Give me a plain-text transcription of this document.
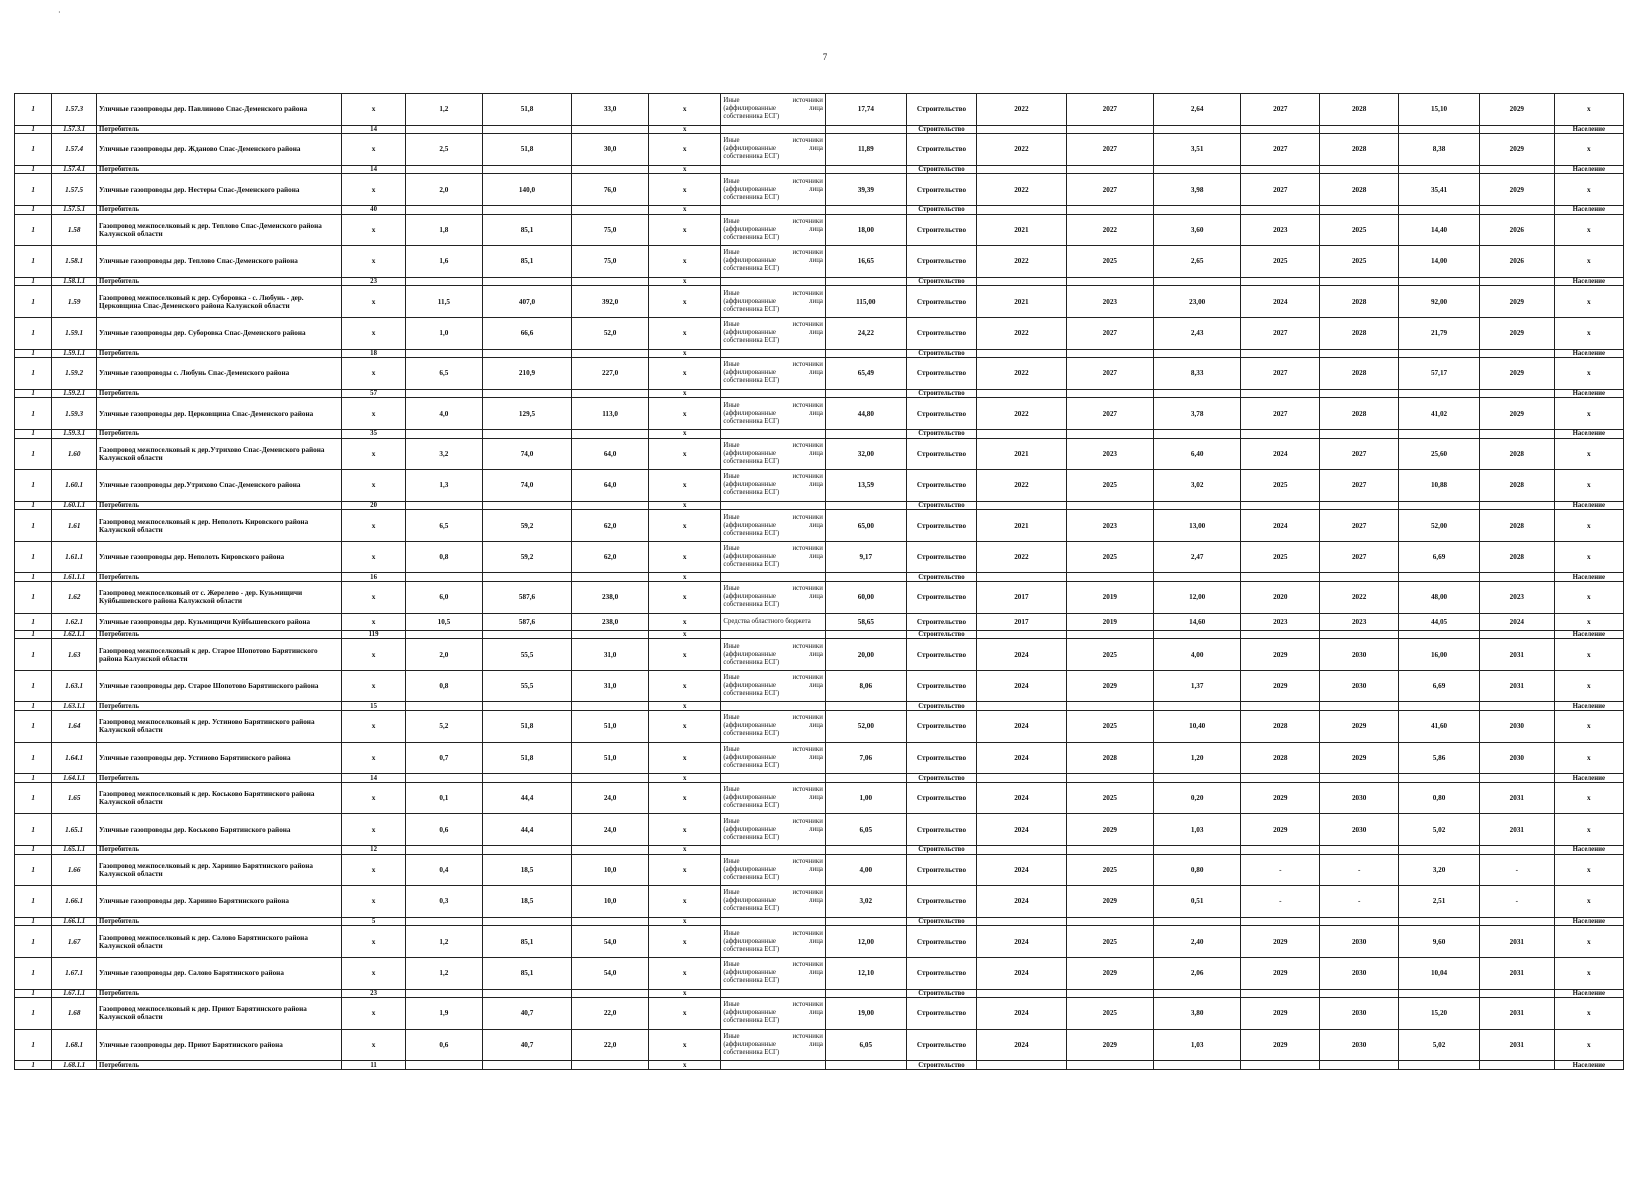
·
7
1	1.57.3	Уличные газопроводы дер. Павлиново Спас-Деменского района	x	1,2	51,8	33,0	x	Иные источники (аффилированные лица собственника ЕСГ)	17,74	Строительство	2022	2027	2,64	2027	2028	15,10	2029	x
1	1.57.3.1	Потребитель	14				x			Строительство								Население
1	1.57.4	Уличные газопроводы дер. Жданово Спас-Деменского района	x	2,5	51,8	30,0	x	Иные источники (аффилированные лица собственника ЕСГ)	11,89	Строительство	2022	2027	3,51	2027	2028	8,38	2029	x
1	1.57.4.1	Потребитель	14				x			Строительство								Население
1	1.57.5	Уличные газопроводы дер. Нестеры Спас-Деменского района	x	2,0	140,0	76,0	x	Иные источники (аффилированные лица собственника ЕСГ)	39,39	Строительство	2022	2027	3,98	2027	2028	35,41	2029	x
1	1.57.5.1	Потребитель	40				x			Строительство								Население
1	1.58	Газопровод межпоселковый к дер. Теплово Спас-Деменского района Калужской области	x	1,8	85,1	75,0	x	Иные источники (аффилированные лица собственника ЕСГ)	18,00	Строительство	2021	2022	3,60	2023	2025	14,40	2026	x
1	1.58.1	Уличные газопроводы дер. Теплово Спас-Деменского района	x	1,6	85,1	75,0	x	Иные источники (аффилированные лица собственника ЕСГ)	16,65	Строительство	2022	2025	2,65	2025	2025	14,00	2026	x
1	1.58.1.1	Потребитель	23				x			Строительство								Население
1	1.59	Газопровод межпоселковый к дер. Суборовка - с. Любунь - дер. Церковщина Спас-Деменского района Калужской области	x	11,5	407,0	392,0	x	Иные источники (аффилированные лица собственника ЕСГ)	115,00	Строительство	2021	2023	23,00	2024	2028	92,00	2029	x
1	1.59.1	Уличные газопроводы дер. Суборовка Спас-Деменского района	x	1,0	66,6	52,0	x	Иные источники (аффилированные лица собственника ЕСГ)	24,22	Строительство	2022	2027	2,43	2027	2028	21,79	2029	x
1	1.59.1.1	Потребитель	18				x			Строительство								Население
1	1.59.2	Уличные газопроводы с. Любунь Спас-Деменского района	x	6,5	210,9	227,0	x	Иные источники (аффилированные лица собственника ЕСГ)	65,49	Строительство	2022	2027	8,33	2027	2028	57,17	2029	x
1	1.59.2.1	Потребитель	57				x			Строительство								Население
1	1.59.3	Уличные газопроводы дер. Церковщина Спас-Деменского района	x	4,0	129,5	113,0	x	Иные источники (аффилированные лица собственника ЕСГ)	44,80	Строительство	2022	2027	3,78	2027	2028	41,02	2029	x
1	1.59.3.1	Потребитель	35				x			Строительство								Население
1	1.60	Газопровод межпоселковый к дер.Утрихово Спас-Деменского района Калужской области	x	3,2	74,0	64,0	x	Иные источники (аффилированные лица собственника ЕСГ)	32,00	Строительство	2021	2023	6,40	2024	2027	25,60	2028	x
1	1.60.1	Уличные газопроводы дер.Утрихово Спас-Деменского района	x	1,3	74,0	64,0	x	Иные источники (аффилированные лица собственника ЕСГ)	13,59	Строительство	2022	2025	3,02	2025	2027	10,88	2028	x
1	1.60.1.1	Потребитель	20				x			Строительство								Население
1	1.61	Газопровод межпоселковый к дер. Неполоть Кировского района Калужской области	x	6,5	59,2	62,0	x	Иные источники (аффилированные лица собственника ЕСГ)	65,00	Строительство	2021	2023	13,00	2024	2027	52,00	2028	x
1	1.61.1	Уличные газопроводы дер. Неполоть Кировского района	x	0,8	59,2	62,0	x	Иные источники (аффилированные лица собственника ЕСГ)	9,17	Строительство	2022	2025	2,47	2025	2027	6,69	2028	x
1	1.61.1.1	Потребитель	16				x			Строительство								Население
1	1.62	Газопровод межпоселковый от с. Жерелево - дер. Кузьмищичи Куйбышевского района Калужской области	x	6,0	587,6	238,0	x	Иные источники (аффилированные лица собственника ЕСГ)	60,00	Строительство	2017	2019	12,00	2020	2022	48,00	2023	x
1	1.62.1	Уличные газопроводы дер. Кузьмищичи Куйбышевского района	x	10,5	587,6	238,0	x	Средства областного бюджета	58,65	Строительство	2017	2019	14,60	2023	2023	44,05	2024	x
1	1.62.1.1	Потребитель	119				x			Строительство								Население
1	1.63	Газопровод межпоселковый к дер. Старое Шопотово Барятинского района Калужской области	x	2,0	55,5	31,0	x	Иные источники (аффилированные лица собственника ЕСГ)	20,00	Строительство	2024	2025	4,00	2029	2030	16,00	2031	x
1	1.63.1	Уличные газопроводы дер. Старое Шопотово Барятинского района	x	0,8	55,5	31,0	x	Иные источники (аффилированные лица собственника ЕСГ)	8,06	Строительство	2024	2029	1,37	2029	2030	6,69	2031	x
1	1.63.1.1	Потребитель	15				x			Строительство								Население
1	1.64	Газопровод межпоселковый к дер. Устиново Барятинского района Калужской области	x	5,2	51,8	51,0	x	Иные источники (аффилированные лица собственника ЕСГ)	52,00	Строительство	2024	2025	10,40	2028	2029	41,60	2030	x
1	1.64.1	Уличные газопроводы дер. Устиново Барятинского района	x	0,7	51,8	51,0	x	Иные источники (аффилированные лица собственника ЕСГ)	7,06	Строительство	2024	2028	1,20	2028	2029	5,86	2030	x
1	1.64.1.1	Потребитель	14				x			Строительство								Население
1	1.65	Газопровод межпоселковый к дер. Коськово Барятинского района Калужской области	x	0,1	44,4	24,0	x	Иные источники (аффилированные лица собственника ЕСГ)	1,00	Строительство	2024	2025	0,20	2029	2030	0,80	2031	x
1	1.65.1	Уличные газопроводы дер. Коськово Барятинского района	x	0,6	44,4	24,0	x	Иные источники (аффилированные лица собственника ЕСГ)	6,05	Строительство	2024	2029	1,03	2029	2030	5,02	2031	x
1	1.65.1.1	Потребитель	12				x			Строительство								Население
1	1.66	Газопровод межпоселковый к дер. Хариино Барятинского района Калужской области	x	0,4	18,5	10,0	x	Иные источники (аффилированные лица собственника ЕСГ)	4,00	Строительство	2024	2025	0,80	-	-	3,20	-	x
1	1.66.1	Уличные газопроводы дер. Хариино Барятинского района	x	0,3	18,5	10,0	x	Иные источники (аффилированные лица собственника ЕСГ)	3,02	Строительство	2024	2029	0,51	-	-	2,51	-	x
1	1.66.1.1	Потребитель	5				x			Строительство								Население
1	1.67	Газопровод межпоселковый к дер. Салово Барятинского района Калужской области	x	1,2	85,1	54,0	x	Иные источники (аффилированные лица собственника ЕСГ)	12,00	Строительство	2024	2025	2,40	2029	2030	9,60	2031	x
1	1.67.1	Уличные газопроводы дер. Салово Барятинского района	x	1,2	85,1	54,0	x	Иные источники (аффилированные лица собственника ЕСГ)	12,10	Строительство	2024	2029	2,06	2029	2030	10,04	2031	x
1	1.67.1.1	Потребитель	23				x			Строительство								Население
1	1.68	Газопровод межпоселковый к дер. Приют Барятинского района Калужской области	x	1,9	40,7	22,0	x	Иные источники (аффилированные лица собственника ЕСГ)	19,00	Строительство	2024	2025	3,80	2029	2030	15,20	2031	x
1	1.68.1	Уличные газопроводы дер. Приют Барятинского района	x	0,6	40,7	22,0	x	Иные источники (аффилированные лица собственника ЕСГ)	6,05	Строительство	2024	2029	1,03	2029	2030	5,02	2031	x
1	1.68.1.1	Потребитель	11				x			Строительство								Население
